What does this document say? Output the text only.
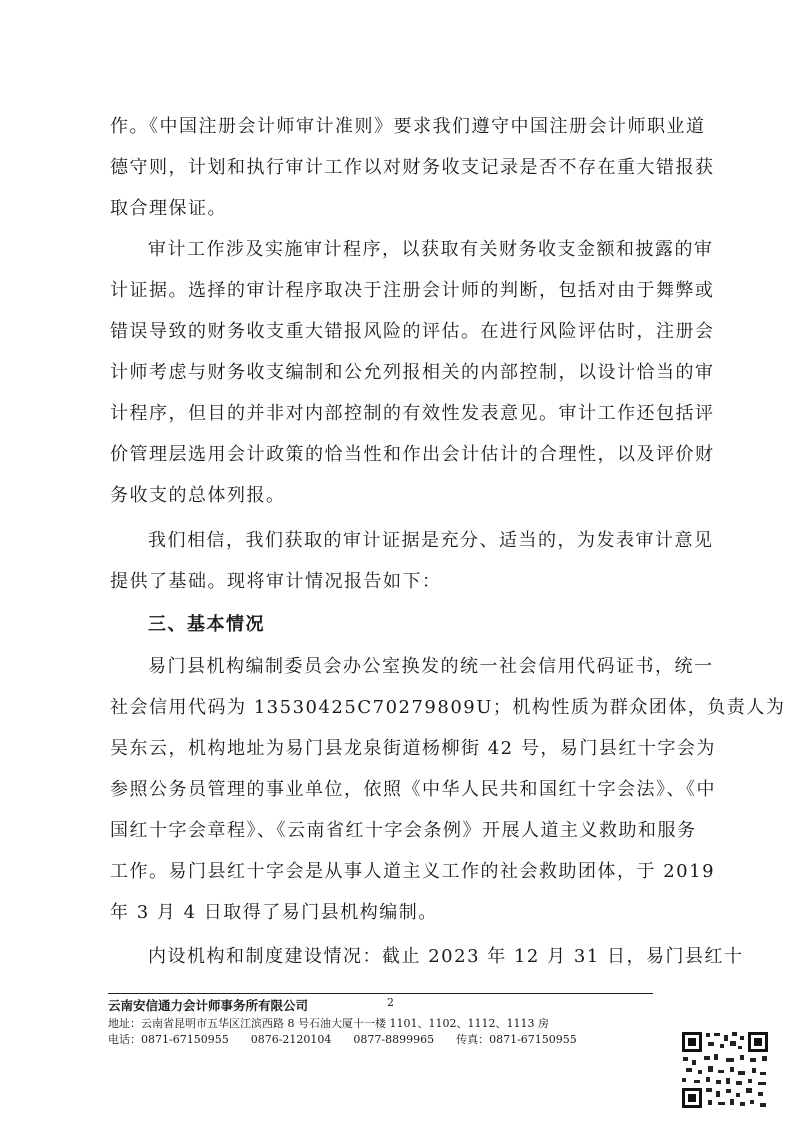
作。《中国注册会计师审计准则》要求我们遵守中国注册会计师职业道
德守则，计划和执行审计工作以对财务收支记录是否不存在重大错报获
取合理保证。
审计工作涉及实施审计程序，以获取有关财务收支金额和披露的审
计证据。选择的审计程序取决于注册会计师的判断，包括对由于舞弊或
错误导致的财务收支重大错报风险的评估。在进行风险评估时，注册会
计师考虑与财务收支编制和公允列报相关的内部控制，以设计恰当的审
计程序，但目的并非对内部控制的有效性发表意见。审计工作还包括评
价管理层选用会计政策的恰当性和作出会计估计的合理性，以及评价财
务收支的总体列报。
我们相信，我们获取的审计证据是充分、适当的，为发表审计意见
提供了基础。现将审计情况报告如下：
三、基本情况
易门县机构编制委员会办公室换发的统一社会信用代码证书，统一
社会信用代码为 13530425C70279809U；机构性质为群众团体，负责人为
吴东云，机构地址为易门县龙泉街道杨柳街 42 号，易门县红十字会为
参照公务员管理的事业单位，依照《中华人民共和国红十字会法》、《中
国红十字会章程》、《云南省红十字会条例》开展人道主义救助和服务
工作。易门县红十字会是从事人道主义工作的社会救助团体，于 2019
年 3 月 4 日取得了易门县机构编制。
内设机构和制度建设情况：截止 2023 年 12 月 31 日，易门县红十
云南安信通力会计师事务所有限公司	2
地址：云南省昆明市五华区江滨西路 8 号石油大厦十一楼 1101、1102、1112、1113 房
电话：0871-67150955　　0876-2120104　　0877-8899965　　传真：0871-67150955
